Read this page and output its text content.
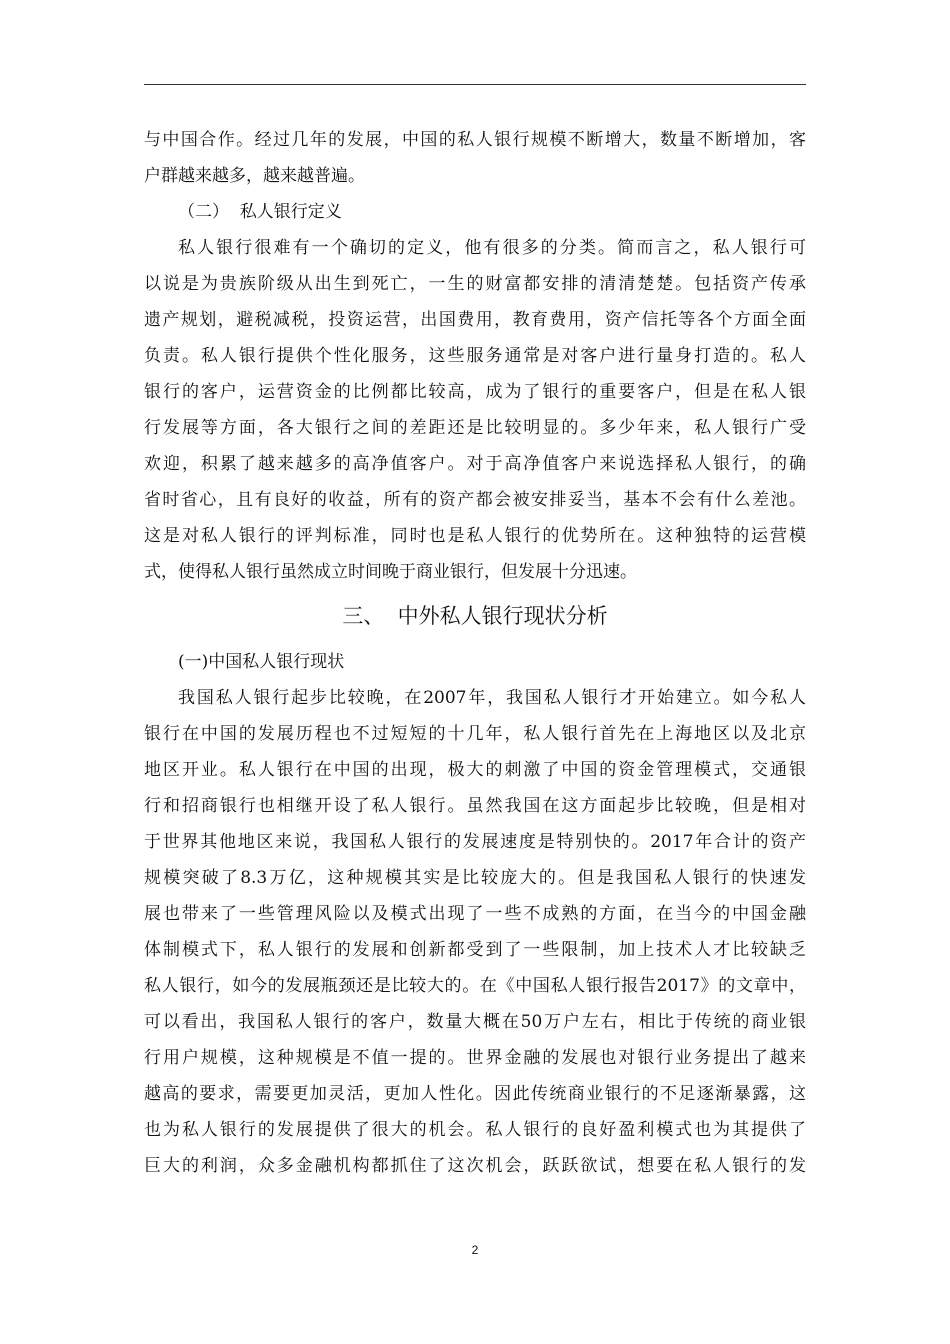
与中国合作。经过几年的发展，中国的私人银行规模不断增大，数量不断增加，客
户群越来越多，越来越普遍。
（二）  私人银行定义
私人银行很难有一个确切的定义，他有很多的分类。简而言之，私人银行可
以说是为贵族阶级从出生到死亡，一生的财富都安排的清清楚楚。包括资产传承
遗产规划，避税减税，投资运营，出国费用，教育费用，资产信托等各个方面全面
负责。私人银行提供个性化服务，这些服务通常是对客户进行量身打造的。私人
银行的客户，运营资金的比例都比较高，成为了银行的重要客户，但是在私人银
行发展等方面，各大银行之间的差距还是比较明显的。多少年来，私人银行广受
欢迎，积累了越来越多的高净值客户。对于高净值客户来说选择私人银行，的确
省时省心，且有良好的收益，所有的资产都会被安排妥当，基本不会有什么差池。
这是对私人银行的评判标准，同时也是私人银行的优势所在。这种独特的运营模
式，使得私人银行虽然成立时间晚于商业银行，但发展十分迅速。
三、  中外私人银行现状分析
(一)中国私人银行现状
我国私人银行起步比较晚，在2007年，我国私人银行才开始建立。如今私人
银行在中国的发展历程也不过短短的十几年，私人银行首先在上海地区以及北京
地区开业。私人银行在中国的出现，极大的刺激了中国的资金管理模式，交通银
行和招商银行也相继开设了私人银行。虽然我国在这方面起步比较晚，但是相对
于世界其他地区来说，我国私人银行的发展速度是特别快的。2017年合计的资产
规模突破了8.3万亿，这种规模其实是比较庞大的。但是我国私人银行的快速发
展也带来了一些管理风险以及模式出现了一些不成熟的方面，在当今的中国金融
体制模式下，私人银行的发展和创新都受到了一些限制，加上技术人才比较缺乏
私人银行，如今的发展瓶颈还是比较大的。在《中国私人银行报告2017》的文章中，
可以看出，我国私人银行的客户，数量大概在50万户左右，相比于传统的商业银
行用户规模，这种规模是不值一提的。世界金融的发展也对银行业务提出了越来
越高的要求，需要更加灵活，更加人性化。因此传统商业银行的不足逐渐暴露，这
也为私人银行的发展提供了很大的机会。私人银行的良好盈利模式也为其提供了
巨大的利润，众多金融机构都抓住了这次机会，跃跃欲试，想要在私人银行的发
2
